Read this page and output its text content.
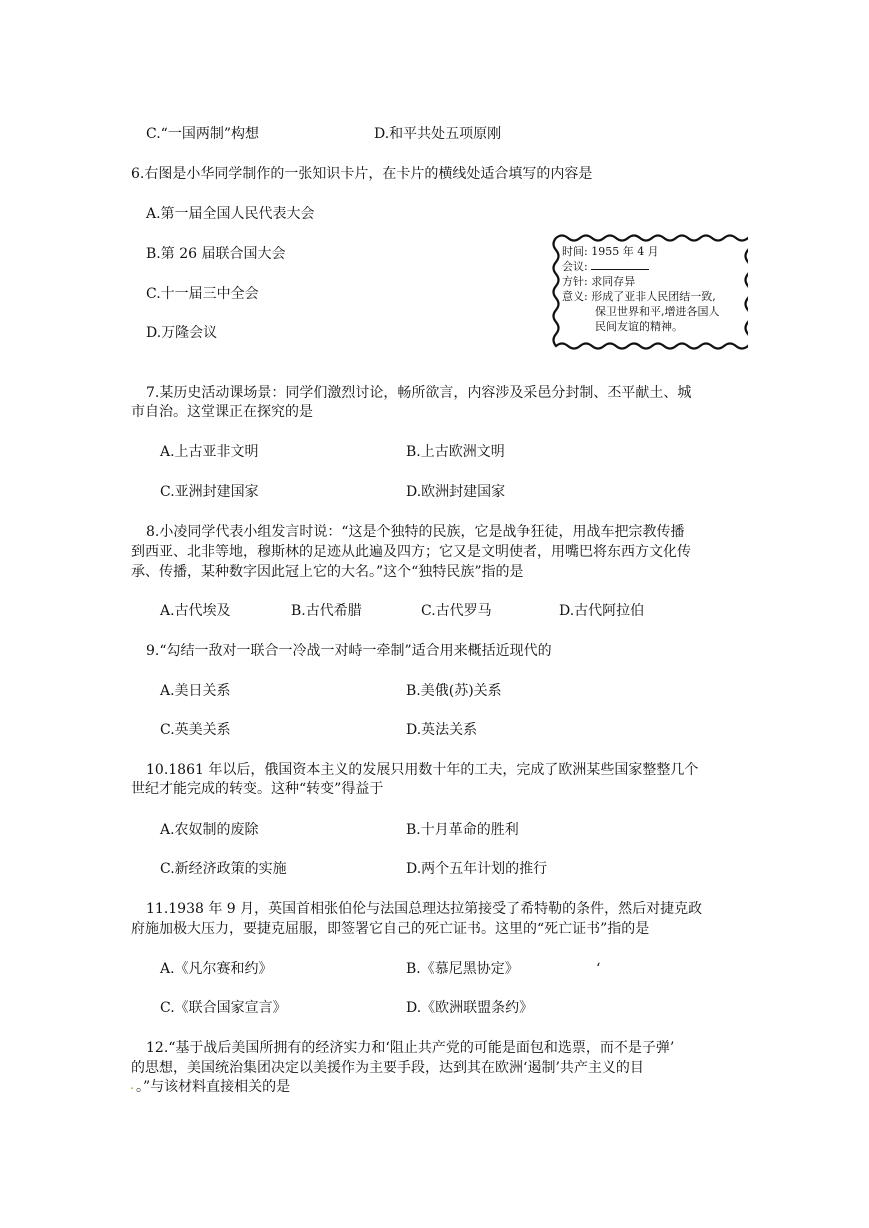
C.“一国两制”构想	D.和平共处五项原刚
6.右图是小华同学制作的一张知识卡片，在卡片的横线处适合填写的内容是
A.第一届全国人民代表大会
B.第 26 届联合国大会
C.十一届三中全会
D.万隆会议
时间: 1955 年 4 月
会议:
方针: 求同存异
意义: 形成了亚非人民团结一致,
保卫世界和平,增进各国人
民间友谊的精神。
7.某历史活动课场景：同学们激烈讨论，畅所欲言，内容涉及采邑分封制、丕平献土、城
市自治。这堂课正在探究的是
A.上古亚非文明	B.上古欧洲文明
C.亚洲封建国家	D.欧洲封建国家
8.小凌同学代表小组发言时说：“这是个独特的民族，它是战争狂徒，用战车把宗教传播
到西亚、北非等地，穆斯林的足迹从此遍及四方；它又是文明使者，用嘴巴将东西方文化传
承、传播，某种数字因此冠上它的大名。”这个“独特民族”指的是
A.古代埃及	B.古代希腊	C.古代罗马	D.古代阿拉伯
9.“勾结一敌对一联合一冷战一对峙一牵制”适合用来概括近现代的
A.美日关系	B.美俄(苏)关系
C.英美关系	D.英法关系
10.1861 年以后，俄国资本主义的发展只用数十年的工夫，完成了欧洲某些国家整整几个
世纪才能完成的转变。这种“转变”得益于
A.农奴制的废除	B.十月革命的胜利
C.新经济政策的实施	D.两个五年计划的推行
11.1938 年 9 月，英国首相张伯伦与法国总理达拉第接受了希特勒的条件，然后对捷克政
府施加极大压力，要捷克屈服，即签署它自己的死亡证书。这里的“死亡证书”指的是
A.《凡尔赛和约》	B.《慕尼黑协定》	‘
C.《联合国家宣言》	D.《欧洲联盟条约》
12.“基于战后美国所拥有的经济实力和‘阻止共产党的可能是面包和选票，而不是子弹’
的思想，美国统治集团决定以美援作为主要手段，达到其在欧洲‘遏制’共产主义的目
. 。”与该材料直接相关的是
